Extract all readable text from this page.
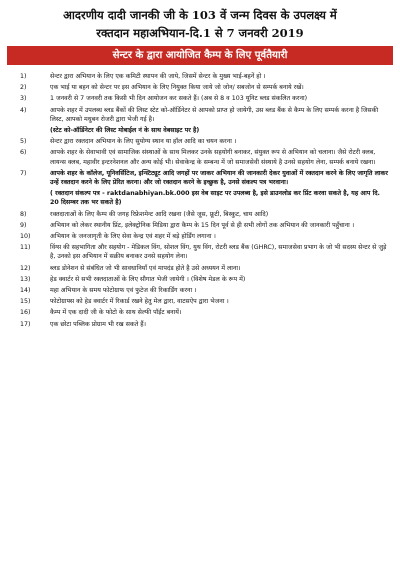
आदरणीय दादी जानकी जी के 103 वें जन्म दिवस के उपलक्ष्य में
रक्तदान महाअभियान-दि.1 से 7 जनवरी 2019
सेन्टर के द्वारा आयोजित कैम्प के लिए पूर्वतैयारी
1)	सेन्टर द्वारा अभियान के लिए एक कमिटी स्थापन की जाये, जिसमें सेन्टर के मुख्य भाई-बहनें हो ।
2)	एक भाई या बहन को सेन्टर पर इस अभियान के लिए नियुक्त किया जाये जो जोन/ सबजोन से सम्पर्क बनाये रखें।
3)	1 जनवरी से 7 जनवरी तक किसी भी दिन आयोजन कर सकते हैं। (अब से 8 व 103 यूनिट ब्लड संकलित करना)
4)	आपके शहर में उपलब्ध ब्लड बैंकों की लिस्ट स्टेट को-ऑर्डिनेटर से आपको प्राप्त हो जायेगी, उस ब्लड बैंक से कैम्प के लिए सम्पर्क करना है जिसकी लिस्ट, आपको मधुबन रोजरी द्वारा भेजी गई है।
(स्टेट को-ऑर्डिनेटर की लिस्ट मोबाईल नं के साथ वेबसाइट पर है)
5)	सेन्टर द्वारा रक्तदान अभियान के लिए सुयोग्य स्थान या हॉल आदि का चयन करना ।
6)	आपके शहर के सेवाभावी एवं सामाजिक संस्थाओं के साथ मिलकर उनके सहयोगी बनाकर, संयुक्त रूप से अभियान को चलाना। जैसे रोटरी क्लब, लायन्स क्लब, महावीर इन्टरनेशनल और अन्य कोई भी। सेवाकेन्द्र के सम्बन्ध में जो समाजसेवी संस्थाये है उनसे सहयोग लेना, सम्पर्क बनाये रखना।
7)	आपके शहर के कॉलेज, यूनिवर्सिटिज, इन्स्टिट्यूट आदि जगहों पर जाकर अभियान की जानकारी देकर युवाओं में रक्तदान करने के लिए जागृति लाकर उन्हें रक्तदान करने के लिए प्रेरित करना। और जो रक्तदान करने के इच्छुक है, उनसे संकल्प पत्र भरवाना।
( रक्तदान संकल्प पत्र - raktdanabhiyan.bk.000 इस वेब साइट पर उपलब्ध है, इसे डाउनलोड कर प्रिंट करवा सकते है, यह आप दि. 20 दिसम्बर तक भर सकते है)
8)	रक्तदाताओं के लिए कैम्प की जगह रिफ्रेशमेन्ट आदि रखना (जैसे जूस, फ्रूटी, बिस्कुट, चाय आदि)
9)	अभियान को लेकर स्थानीय प्रिंट, इलेक्ट्रोनिक मिडिया द्वारा कैम्प के 15 दिन पूर्व से ही सभी लोगों तक अभियान की जानकारी पहुँचाना ।
10)	अभियान के जनजागृती के लिए सेवा केन्द्र एवं शहर में बड़े होर्डिंग लगाना ।
11)	विंग्स की सहभागिता और सहयोग - मेडिकल विंग, सोशल विंग, युथ विंग, रोटरी ब्लड बैंक (GHRC), समाजसेवा प्रभाग के जो भी सदस्य सेन्टर से जुड़े है, उनको इस अभियान में सक्रीय बनाकर उनसे सहयोग लेना।
12)	ब्लड डोनेशन से संबंधित जो भी सावधानियाँ एवं मापदंड होते है उसे अध्ययन में लाना।
13)	हेड क्वार्टर से सभी रक्तदाताओं के लिए सौगात भेजी जायेगी । (विशेष मेडल के रूप में)
14)	महा अभियान के समय फोटोग्राफ एवं फुटेज की रिकार्डिंग करना ।
15)	फोटोग्राफ्स को हेड क्वार्टर में रिकार्ड रखने हेतु मेल द्वारा, वाटसऐप द्वारा भेजना ।
16)	कैम्प में एक दादी जी के फोटो के साथ सेल्फी पॉईंट बनायें।
17)	एक छोटा पब्लिक प्रोग्राम भी रख सकते हैं।
